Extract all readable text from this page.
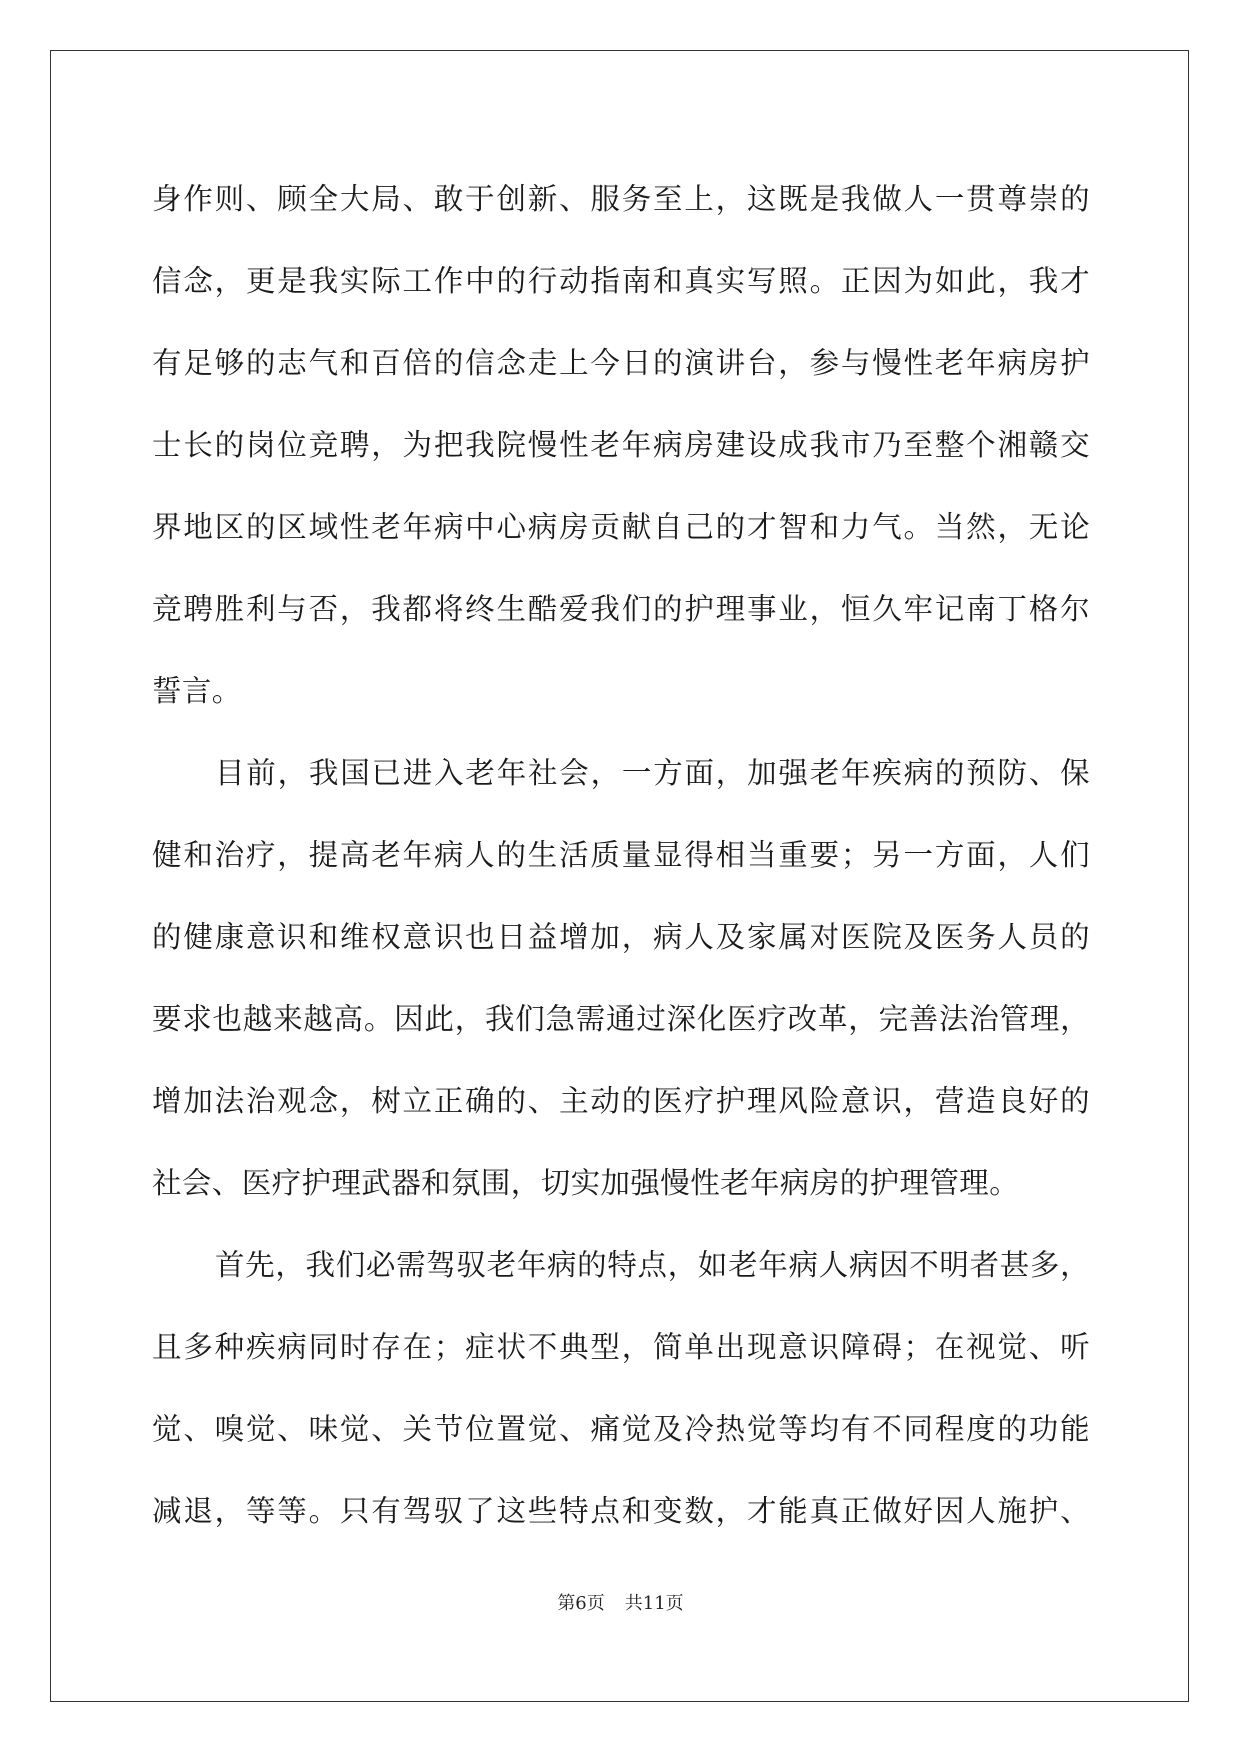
身作则、顾全大局、敢于创新、服务至上，这既是我做人一贯尊崇的
信念，更是我实际工作中的行动指南和真实写照。正因为如此，我才
有足够的志气和百倍的信念走上今日的演讲台，参与慢性老年病房护
士长的岗位竞聘，为把我院慢性老年病房建设成我市乃至整个湘赣交
界地区的区域性老年病中心病房贡献自己的才智和力气。当然，无论
竞聘胜利与否，我都将终生酷爱我们的护理事业，恒久牢记南丁格尔
誓言。
目前，我国已进入老年社会，一方面，加强老年疾病的预防、保
健和治疗，提高老年病人的生活质量显得相当重要；另一方面，人们
的健康意识和维权意识也日益增加，病人及家属对医院及医务人员的
要求也越来越高。因此，我们急需通过深化医疗改革，完善法治管理，
增加法治观念，树立正确的、主动的医疗护理风险意识，营造良好的
社会、医疗护理武器和氛围，切实加强慢性老年病房的护理管理。
首先，我们必需驾驭老年病的特点，如老年病人病因不明者甚多，
且多种疾病同时存在；症状不典型，简单出现意识障碍；在视觉、听
觉、嗅觉、味觉、关节位置觉、痛觉及冷热觉等均有不同程度的功能
减退，等等。只有驾驭了这些特点和变数，才能真正做好因人施护、
第6页 共11页
